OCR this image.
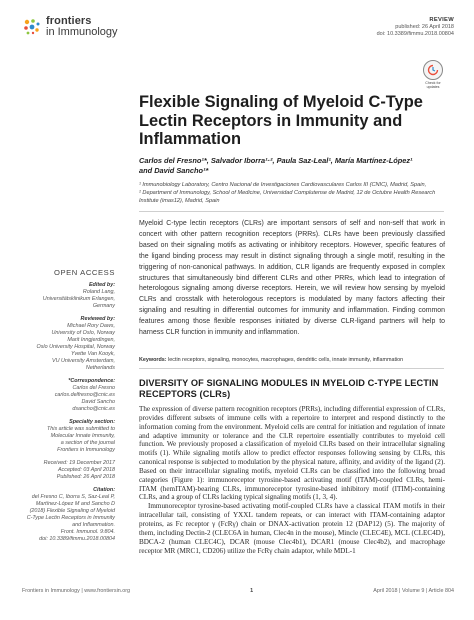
frontiers
in Immunology
REVIEW
published: 26 April 2018
doi: 10.3389/fimmu.2018.00804
Check for
updates
Flexible Signaling of Myeloid C-Type Lectin Receptors in Immunity and Inflammation
Carlos del Fresno¹*, Salvador Iborra¹·², Paula Saz-Leal¹, María Martínez-López¹
and David Sancho¹*

¹ Immunobiology Laboratory, Centro Nacional de Investigaciones Cardiovasculares Carlos III (CNIC), Madrid, Spain,

² Department of Immunology, School of Medicine, Universidad Complutense de Madrid, 12 de Octubre Health Research Institute (imas12), Madrid, Spain

Myeloid C-type lectin receptors (CLRs) are important sensors of self and non-self that work in concert with other pattern recognition receptors (PRRs). CLRs have been previously classified based on their signaling motifs as activating or inhibitory receptors. However, specific features of the ligand binding process may result in distinct signaling through a single motif, resulting in the triggering of non-canonical pathways. In addition, CLR ligands are frequently exposed in complex structures that simultaneously bind different CLRs and other PRRs, which lead to integration of heterologous signaling among diverse receptors. Herein, we will review how sensing by myeloid CLRs and crosstalk with heterologous receptors is modulated by many factors affecting their signaling and resulting in differential outcomes for immunity and inflammation. Finding common features among those flexible responses initiated by diverse CLR-ligand partners will help to harness CLR function in immunity and inflammation.
Keywords: lectin receptors, signaling, monocytes, macrophages, dendritic cells, innate immunity, inflammation
OPEN ACCESS
Edited by:
Roland Lang,
Universitätsklinikum Erlangen,
Germany
Reviewed by:
Michael Rory Daws,
University of Oslo, Norway
Marit Inngjerdingen,
Oslo University Hospital, Norway
Yvette Van Kooyk,
VU University Amsterdam,
Netherlands
*Correspondence:
Carlos del Fresno
carlos.delfresno@cnic.es
David Sancho
dsancho@cnic.es
Specialty section:
This article was submitted to
Molecular Innate Immunity,
a section of the journal
Frontiers in Immunology
Received: 19 December 2017
Accepted: 03 April 2018
Published: 26 April 2018
Citation:
del Fresno C, Iborra S, Saz-Leal P,
Martínez-López M and Sancho D
(2018) Flexible Signaling of Myeloid
C-Type Lectin Receptors in Immunity
and Inflammation.
Front. Immunol. 9:804.
doi: 10.3389/fimmu.2018.00804
DIVERSITY OF SIGNALING MODULES IN MYELOID C-TYPE LECTIN RECEPTORS (CLRs)

The expression of diverse pattern recognition receptors (PRRs), including differential expression of CLRs, provides different subsets of immune cells with a repertoire to interpret and respond distinctly to the information coming from the environment. Myeloid cells are central for initiation and regulation of innate and adaptive immunity or tolerance and the CLR repertoire essentially contributes to myeloid cell function. We previously proposed a classification of myeloid CLRs based on their intracellular signaling motifs (1). While signaling motifs allow to predict effector responses following sensing by CLRs, this canonical response is subjected to modulation by the physical nature, affinity, and avidity of the ligand (2). Based on their intracellular signaling motifs, myeloid CLRs can be classified into the following broad categories (Figure 1): immunoreceptor tyrosine-based activating motif (ITAM)-coupled CLRs, hemi-ITAM (hemITAM)-bearing CLRs, immunoreceptor tyrosine-based inhibitory motif (ITIM)-containing CLRs, and a group of CLRs lacking typical signaling motifs (1, 3, 4).

Immunoreceptor tyrosine-based activating motif-coupled CLRs have a classical ITAM motifs in their intracellular tail, consisting of YXXL tandem repeats, or can interact with ITAM-containing adaptor proteins, as Fc receptor γ (FcRγ) chain or DNAX-activation protein 12 (DAP12) (5). The majority of them, including Dectin-2 (CLEC6A in human, Clec4n in the mouse), Mincle (CLEC4E), MCL (CLEC4D), BDCA-2 (human CLEC4C), DCAR (mouse Clec4b1), DCAR1 (mouse Clec4b2), and macrophage receptor MR (MRC1, CD206) utilize the FcRγ chain adaptor, while MDL-1

Frontiers in Immunology | www.frontiersin.org	1	April 2018 | Volume 9 | Article 804
